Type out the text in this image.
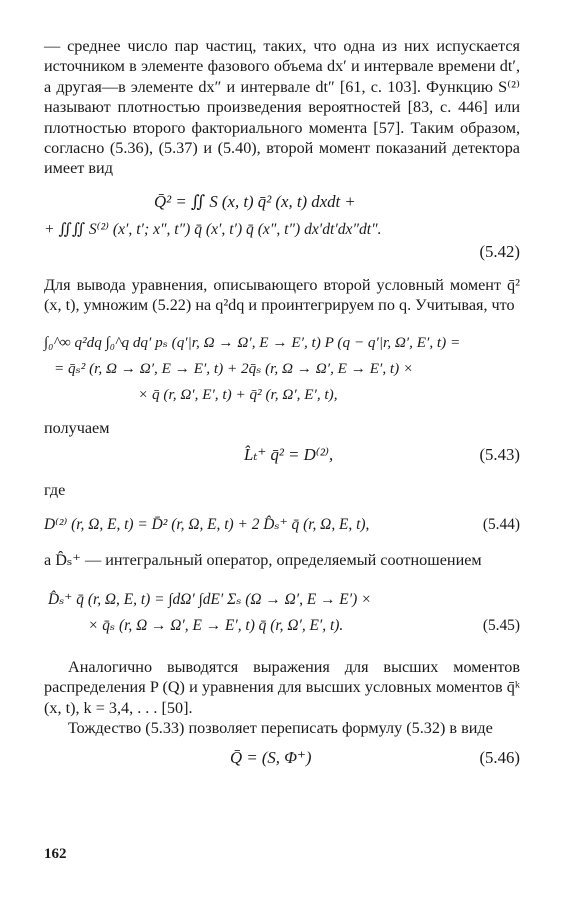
— среднее число пар частиц, таких, что одна из них испускается источником в элементе фазового объема dx′ и интервале времени dt′, а другая—в элементе dx″ и интервале dt″ [61, с. 103]. Функцию S⁽²⁾ называют плотностью произведения вероятностей [83, с. 446] или плотностью второго факториального момента [57]. Таким образом, согласно (5.36), (5.37) и (5.40), второй момент показаний детектора имеет вид

Q̄² = ∬ S (x, t) q̄² (x, t) dxdt +
+ ∬∬ S⁽²⁾ (x′, t′; x″, t″) q̄ (x′, t′) q̄ (x″, t″) dx′dt′dx″dt″.
(5.42)

Для вывода уравнения, описывающего второй условный момент q̄² (x, t), умножим (5.22) на q²dq и проинтегрируем по q. Учитывая, что

∫₀^∞ q²dq ∫₀^q dq′ pₛ (q′|r, Ω → Ω′, E → E′, t) P (q − q′|r, Ω′, E′, t) =
= q̄ₛ² (r, Ω → Ω′, E → E′, t) + 2q̄ₛ (r, Ω → Ω′, E → E′, t) ×
× q̄ (r, Ω′, E′, t) + q̄² (r, Ω′, E′, t),

получаем

L̂ₜ⁺ q̄² = D⁽²⁾,	(5.43)

где

D⁽²⁾ (r, Ω, E, t) = D̄² (r, Ω, E, t) + 2 D̂ₛ⁺ q̄ (r, Ω, E, t),	(5.44)

а D̂ₛ⁺ — интегральный оператор, определяемый соотношением

D̂ₛ⁺ q̄ (r, Ω, E, t) = ∫dΩ′ ∫dE′ Σₛ (Ω → Ω′, E → E′) ×
× q̄ₛ (r, Ω → Ω′, E → E′, t) q̄ (r, Ω′, E′, t).	(5.45)

Аналогично выводятся выражения для высших моментов распределения P (Q) и уравнения для высших условных моментов q̄ᵏ (x, t), k = 3,4, . . . [50].

Тождество (5.33) позволяет переписать формулу (5.32) в виде

Q̄ = (S, Φ⁺)	(5.46)
162
